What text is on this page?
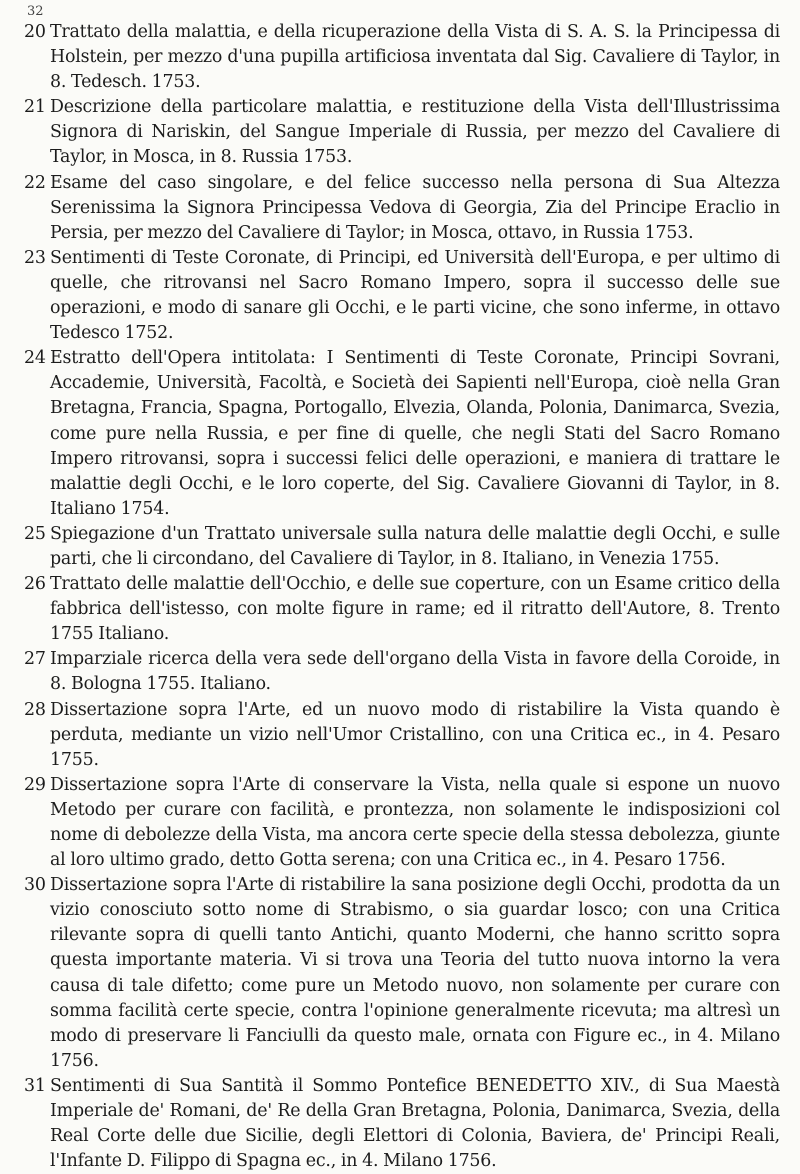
32

20 Trattato della malattia, e della ricuperazione della Vista di S. A. S. la Principessa di Holstein, per mezzo d'una pupilla artificiosa inventata dal Sig. Cavaliere di Taylor, in 8. Tedesch. 1753.

21 Descrizione della particolare malattia, e restituzione della Vista dell'Illustrissima Signora di Nariskin, del Sangue Imperiale di Russia, per mezzo del Cavaliere di Taylor, in Mosca, in 8. Russia 1753.

22 Esame del caso singolare, e del felice successo nella persona di Sua Altezza Serenissima la Signora Principessa Vedova di Georgia, Zia del Principe Eraclio in Persia, per mezzo del Cavaliere di Taylor; in Mosca, ottavo, in Russia 1753.

23 Sentimenti di Teste Coronate, di Principi, ed Università dell'Europa, e per ultimo di quelle, che ritrovansi nel Sacro Romano Impero, sopra il successo delle sue operazioni, e modo di sanare gli Occhi, e le parti vicine, che sono inferme, in ottavo Tedesco 1752.

24 Estratto dell'Opera intitolata: I Sentimenti di Teste Coronate, Principi Sovrani, Accademie, Università, Facoltà, e Società dei Sapienti nell'Europa, cioè nella Gran Bretagna, Francia, Spagna, Portogallo, Elvezia, Olanda, Polonia, Danimarca, Svezia, come pure nella Russia, e per fine di quelle, che negli Stati del Sacro Romano Impero ritrovansi, sopra i successi felici delle operazioni, e maniera di trattare le malattie degli Occhi, e le loro coperte, del Sig. Cavaliere Giovanni di Taylor, in 8. Italiano 1754.

25 Spiegazione d'un Trattato universale sulla natura delle malattie degli Occhi, e sulle parti, che li circondano, del Cavaliere di Taylor, in 8. Italiano, in Venezia 1755.

26 Trattato delle malattie dell'Occhio, e delle sue coperture, con un Esame critico della fabbrica dell'istesso, con molte figure in rame; ed il ritratto dell'Autore, 8. Trento 1755 Italiano.

27 Imparziale ricerca della vera sede dell'organo della Vista in favore della Coroide, in 8. Bologna 1755. Italiano.

28 Dissertazione sopra l'Arte, ed un nuovo modo di ristabilire la Vista quando è perduta, mediante un vizio nell'Umor Cristallino, con una Critica ec., in 4. Pesaro 1755.

29 Dissertazione sopra l'Arte di conservare la Vista, nella quale si espone un nuovo Metodo per curare con facilità, e prontezza, non solamente le indisposizioni col nome di debolezze della Vista, ma ancora certe specie della stessa debolezza, giunte al loro ultimo grado, detto Gotta serena; con una Critica ec., in 4. Pesaro 1756.

30 Dissertazione sopra l'Arte di ristabilire la sana posizione degli Occhi, prodotta da un vizio conosciuto sotto nome di Strabismo, o sia guardar losco; con una Critica rilevante sopra di quelli tanto Antichi, quanto Moderni, che hanno scritto sopra questa importante materia. Vi si trova una Teoria del tutto nuova intorno la vera causa di tale difetto; come pure un Metodo nuovo, non solamente per curare con somma facilità certe specie, contra l'opinione generalmente ricevuta; ma altresì un modo di preservare li Fanciulli da questo male, ornata con Figure ec., in 4. Milano 1756.

31 Sentimenti di Sua Santità il Sommo Pontefice BENEDETTO XIV., di Sua Maestà Imperiale de' Romani, de' Re della Gran Bretagna, Polonia, Danimarca, Svezia, della Real Corte delle due Sicilie, degli Elettori di Colonia, Baviera, de' Principi Reali, l'Infante D. Filippo di Spagna ec., in 4. Milano 1756.
